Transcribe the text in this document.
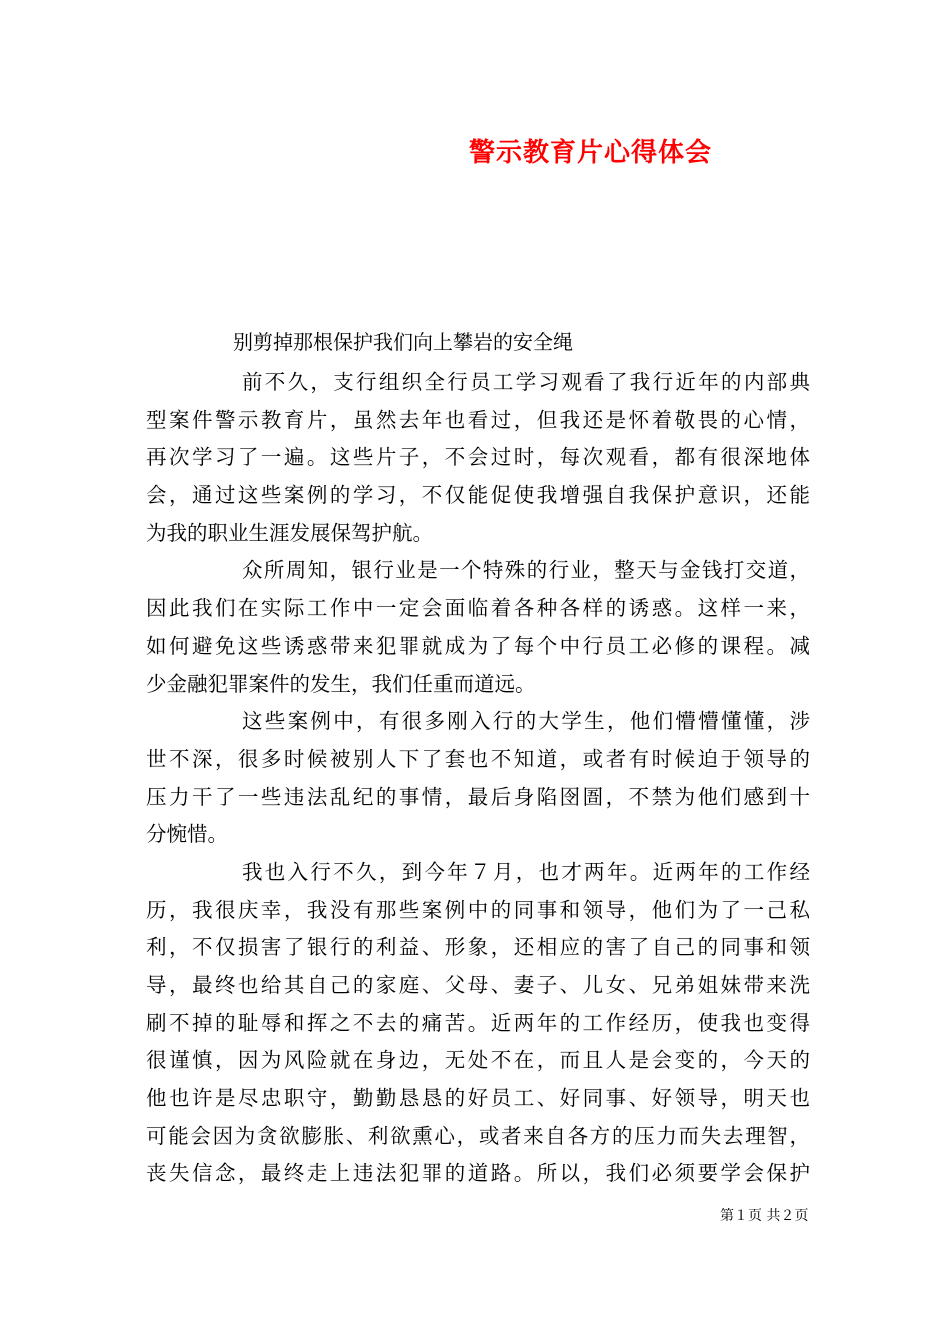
警示教育片心得体会
别剪掉那根保护我们向上攀岩的安全绳
前不久，支行组织全行员工学习观看了我行近年的内部典
型案件警示教育片，虽然去年也看过，但我还是怀着敬畏的心情，
再次学习了一遍。这些片子，不会过时，每次观看，都有很深地体
会，通过这些案例的学习，不仅能促使我增强自我保护意识，还能
为我的职业生涯发展保驾护航。
众所周知，银行业是一个特殊的行业，整天与金钱打交道，
因此我们在实际工作中一定会面临着各种各样的诱惑。这样一来，
如何避免这些诱惑带来犯罪就成为了每个中行员工必修的课程。减
少金融犯罪案件的发生，我们任重而道远。
这些案例中，有很多刚入行的大学生，他们懵懵懂懂，涉
世不深，很多时候被别人下了套也不知道，或者有时候迫于领导的
压力干了一些违法乱纪的事情，最后身陷囹圄，不禁为他们感到十
分惋惜。
我也入行不久，到今年７月，也才两年。近两年的工作经
历，我很庆幸，我没有那些案例中的同事和领导，他们为了一己私
利，不仅损害了银行的利益、形象，还相应的害了自己的同事和领
导，最终也给其自己的家庭、父母、妻子、儿女、兄弟姐妹带来洗
刷不掉的耻辱和挥之不去的痛苦。近两年的工作经历，使我也变得
很谨慎，因为风险就在身边，无处不在，而且人是会变的，今天的
他也许是尽忠职守，勤勤恳恳的好员工、好同事、好领导，明天也
可能会因为贪欲膨胀、利欲熏心，或者来自各方的压力而失去理智，
丧失信念，最终走上违法犯罪的道路。所以，我们必须要学会保护
第１页 共２页
